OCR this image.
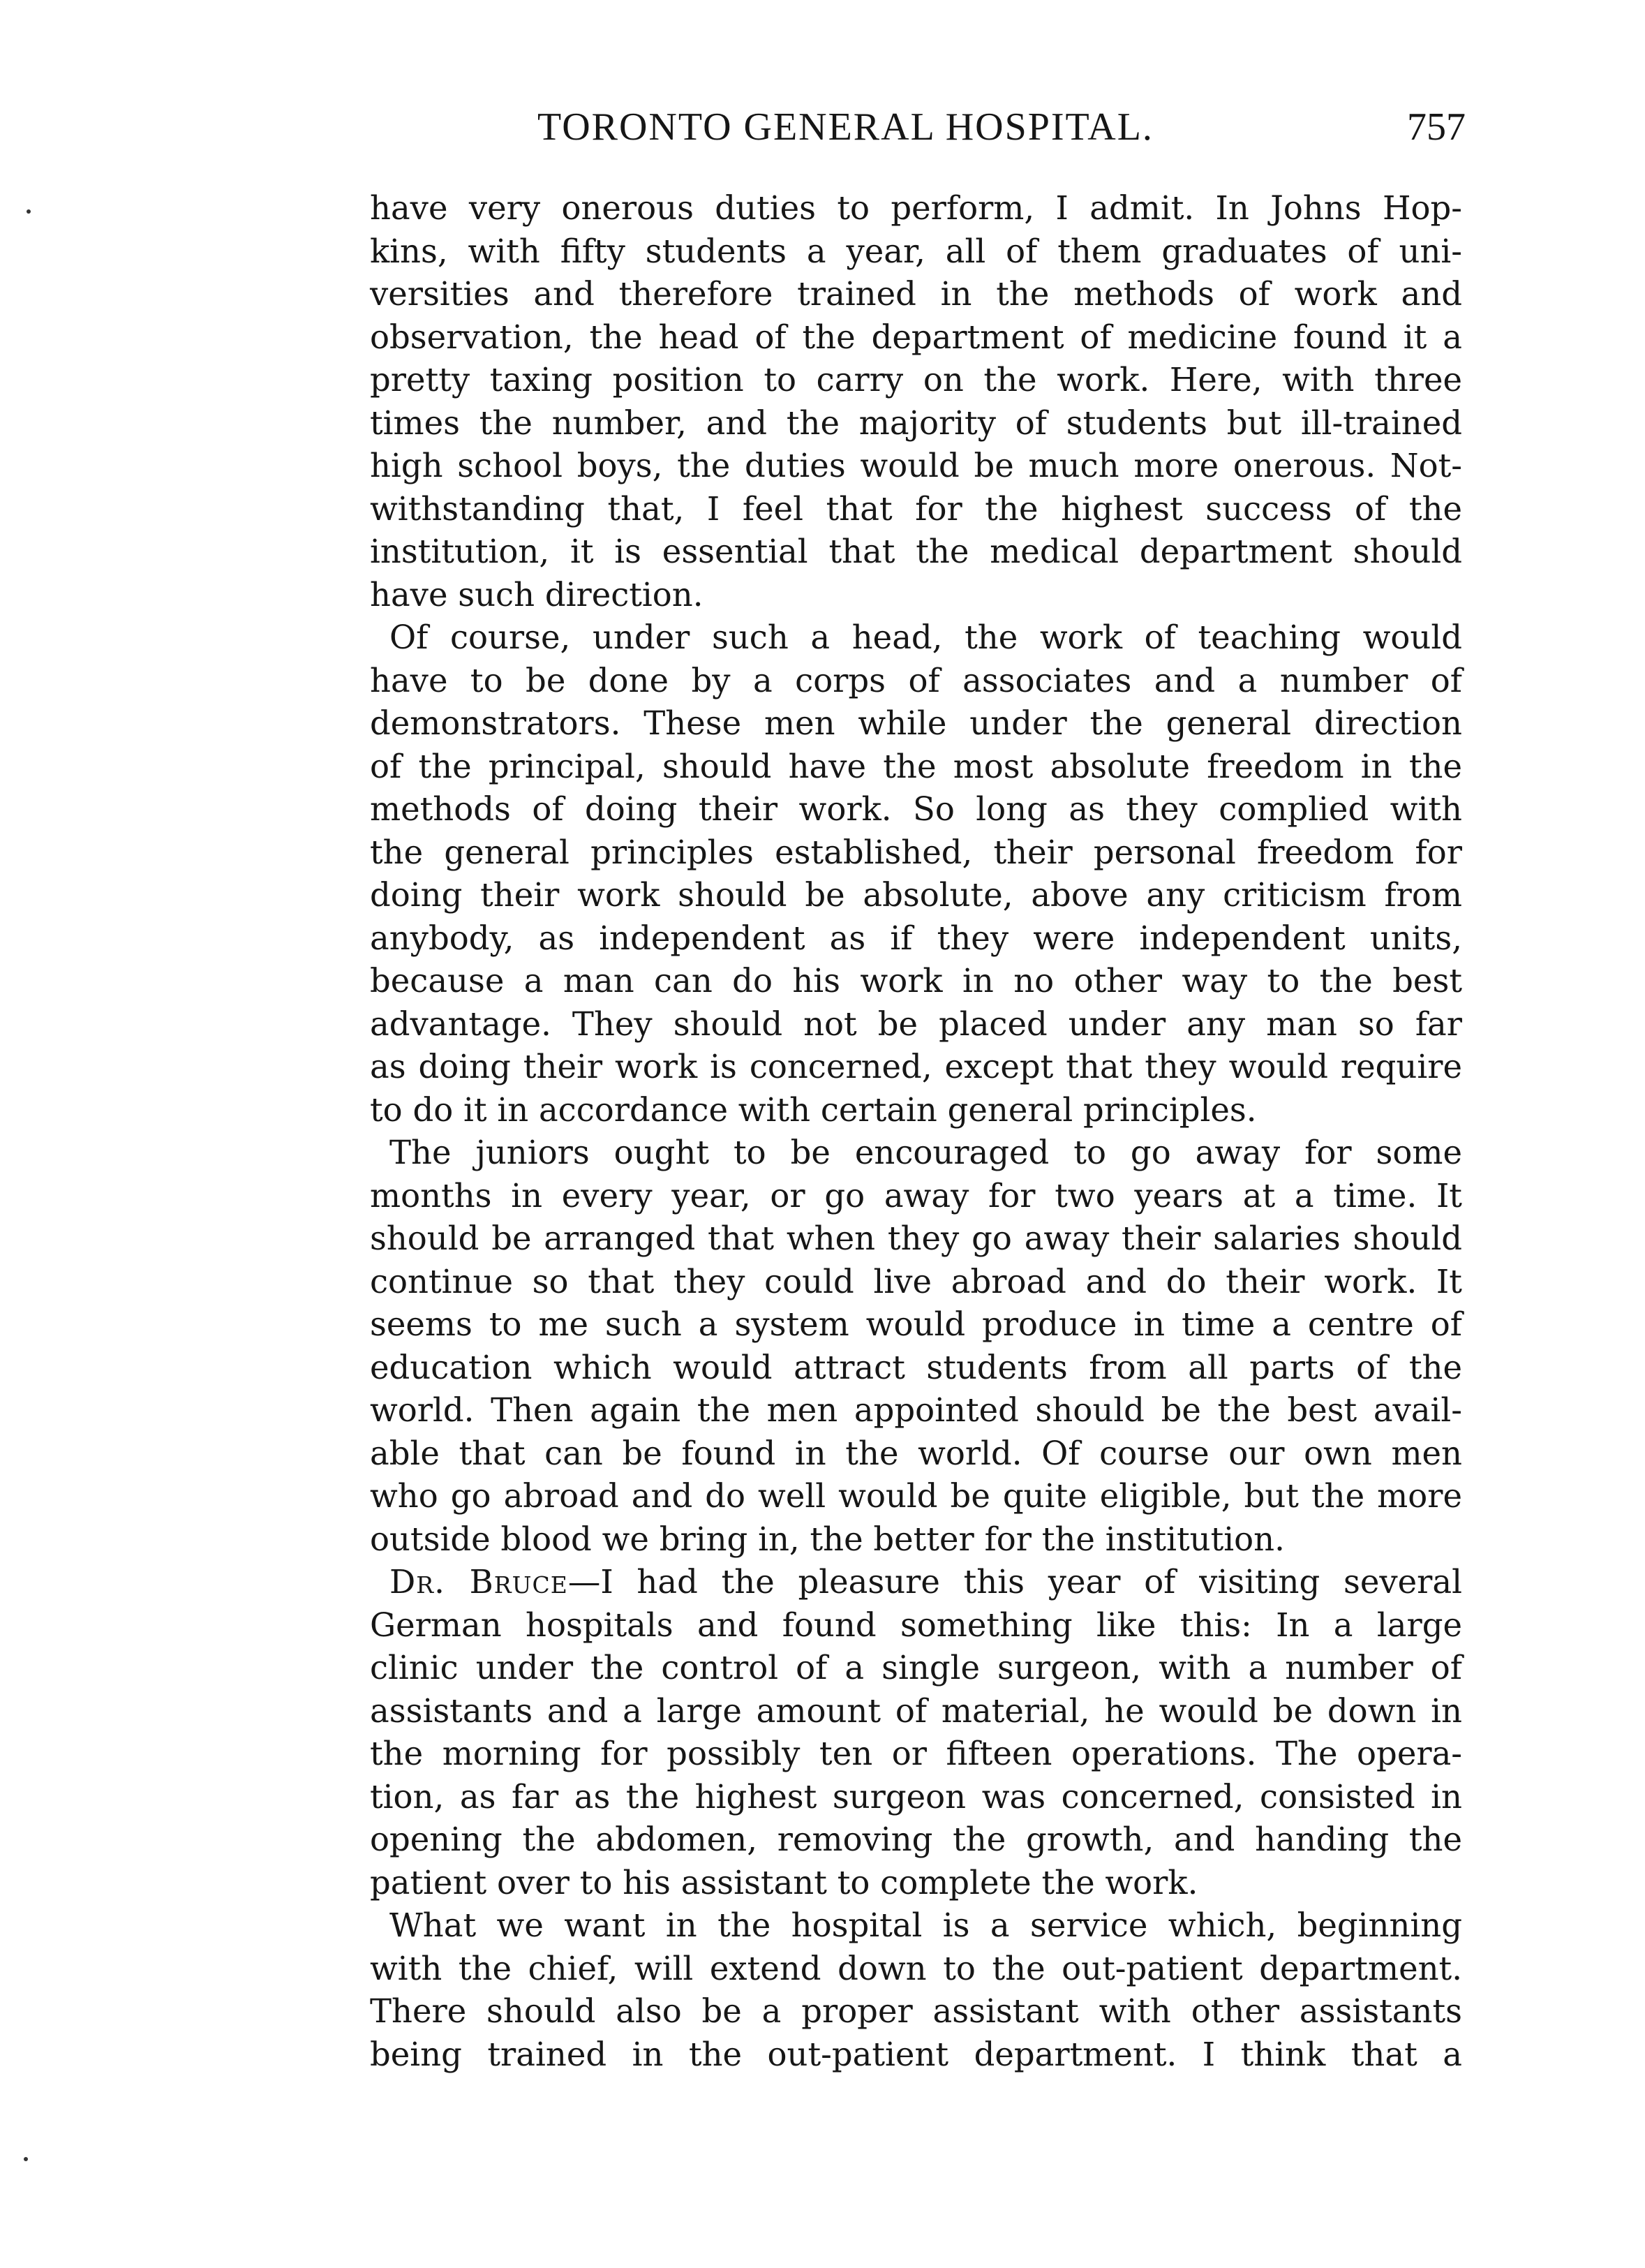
TORONTO GENERAL HOSPITAL.	757
have very onerous duties to perform, I admit. In Johns Hop-
kins, with fifty students a year, all of them graduates of uni-
versities and therefore trained in the methods of work and
observation, the head of the department of medicine found it a
pretty taxing position to carry on the work. Here, with three
times the number, and the majority of students but ill-trained
high school boys, the duties would be much more onerous. Not-
withstanding that, I feel that for the highest success of the
institution, it is essential that the medical department should
have such direction.
Of course, under such a head, the work of teaching would
have to be done by a corps of associates and a number of
demonstrators. These men while under the general direction
of the principal, should have the most absolute freedom in the
methods of doing their work. So long as they complied with
the general principles established, their personal freedom for
doing their work should be absolute, above any criticism from
anybody, as independent as if they were independent units,
because a man can do his work in no other way to the best
advantage. They should not be placed under any man so far
as doing their work is concerned, except that they would require
to do it in accordance with certain general principles.
The juniors ought to be encouraged to go away for some
months in every year, or go away for two years at a time. It
should be arranged that when they go away their salaries should
continue so that they could live abroad and do their work. It
seems to me such a system would produce in time a centre of
education which would attract students from all parts of the
world. Then again the men appointed should be the best avail-
able that can be found in the world. Of course our own men
who go abroad and do well would be quite eligible, but the more
outside blood we bring in, the better for the institution.
Dr. Bruce—I had the pleasure this year of visiting several
German hospitals and found something like this: In a large
clinic under the control of a single surgeon, with a number of
assistants and a large amount of material, he would be down in
the morning for possibly ten or fifteen operations. The opera-
tion, as far as the highest surgeon was concerned, consisted in
opening the abdomen, removing the growth, and handing the
patient over to his assistant to complete the work.
What we want in the hospital is a service which, beginning
with the chief, will extend down to the out-patient department.
There should also be a proper assistant with other assistants
being trained in the out-patient department. I think that a
